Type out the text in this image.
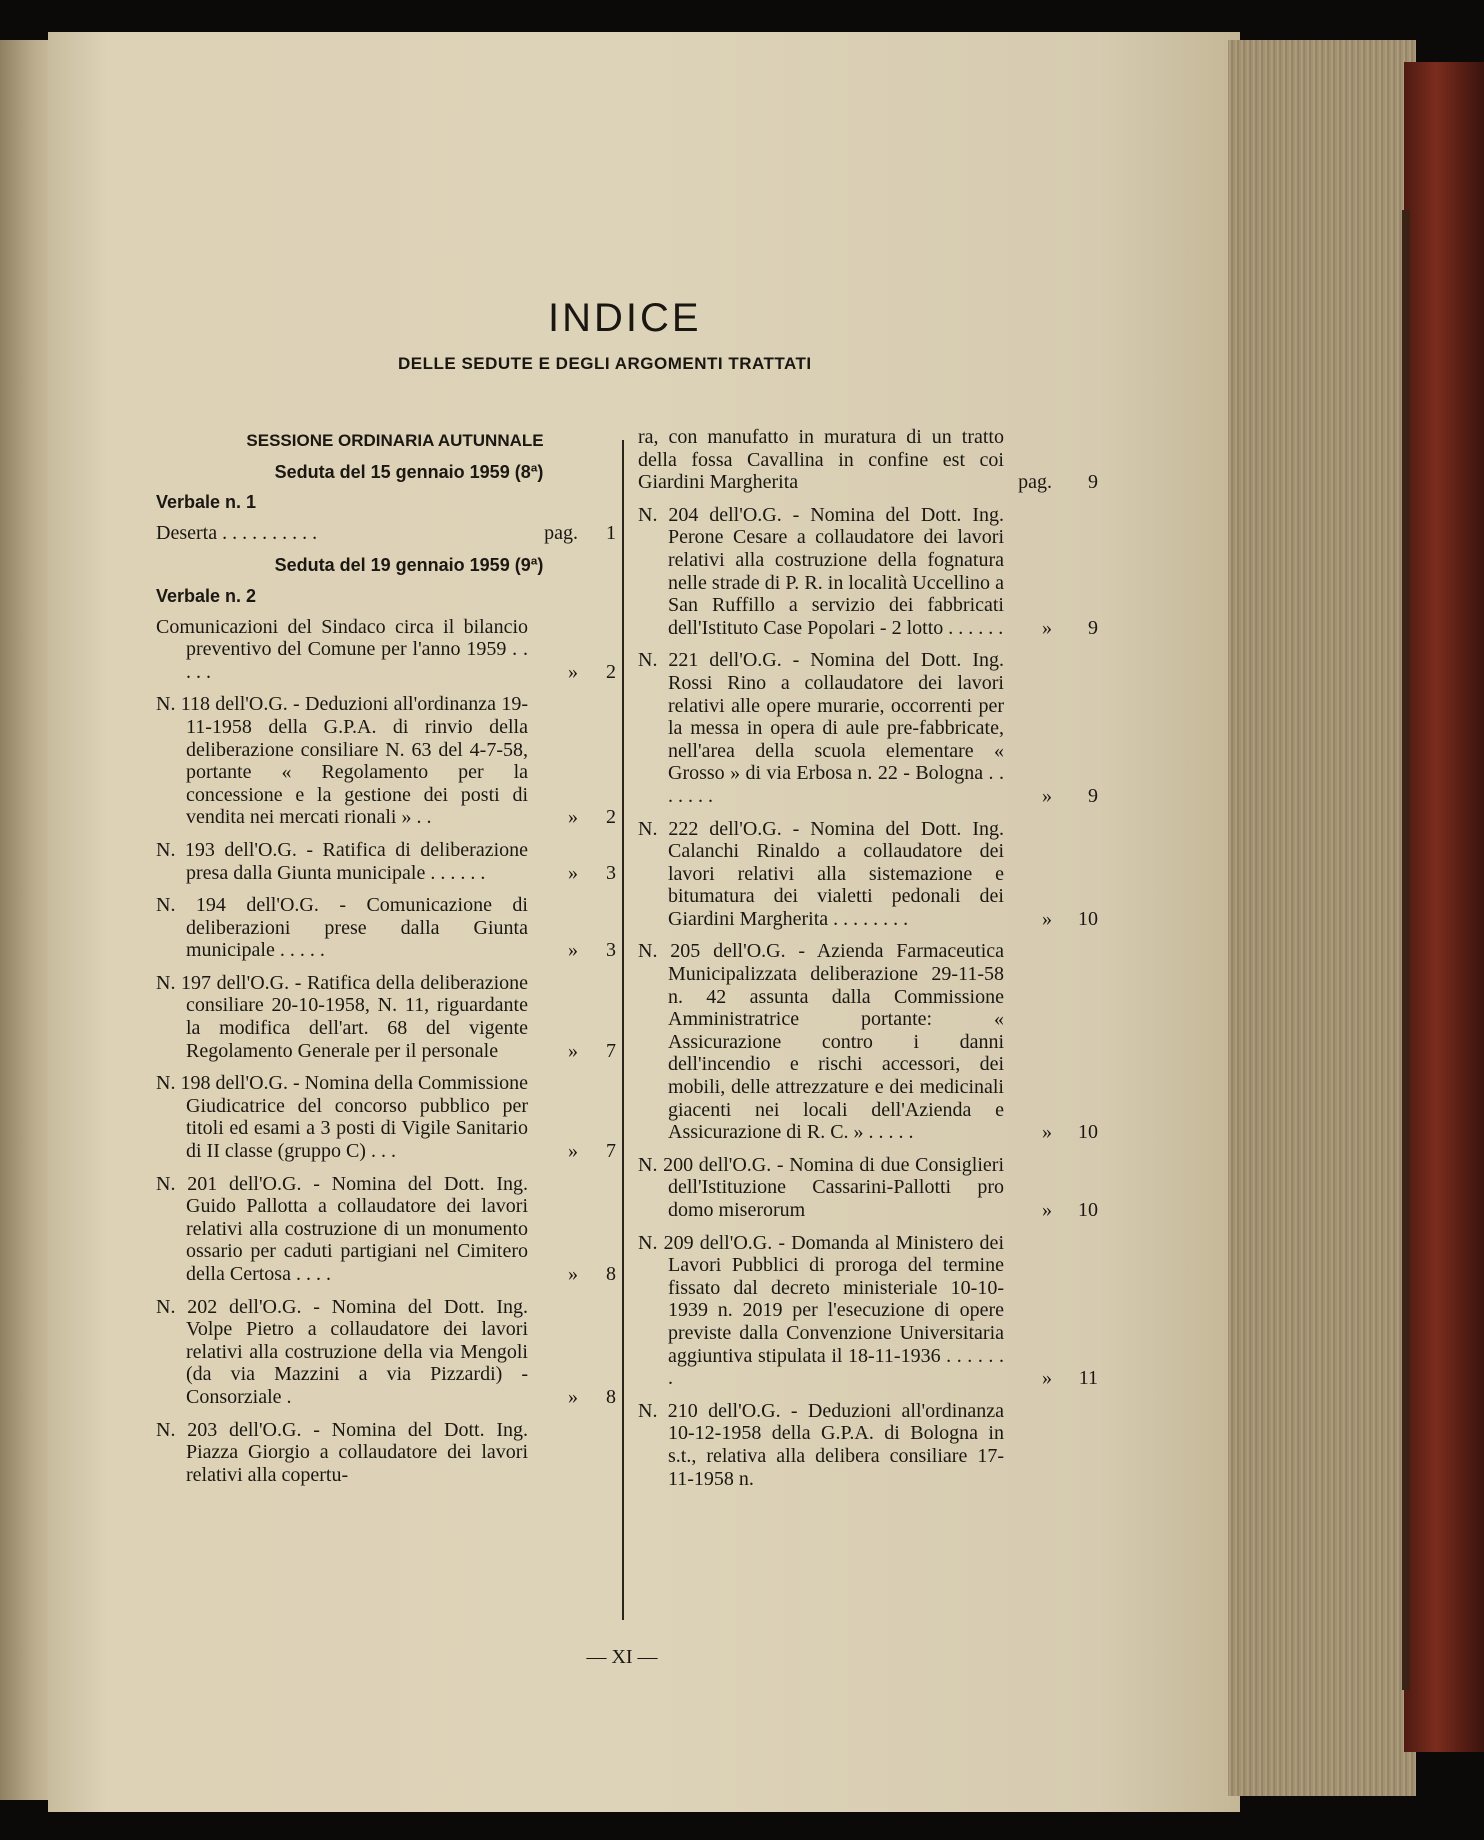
INDICE
DELLE SEDUTE E DEGLI ARGOMENTI TRATTATI
SESSIONE ORDINARIA AUTUNNALE
Seduta del 15 gennaio 1959 (8ª)
Verbale n. 1
Deserta . . . . . . . . . .	pag.	1
Seduta del 19 gennaio 1959 (9ª)
Verbale n. 2
Comunicazioni del Sindaco circa il bilancio preventivo del Comune per l'anno 1959 . . . . .	»	2
N. 118 dell'O.G. - Deduzioni all'ordinanza 19-11-1958 della G.P.A. di rinvio della deliberazione consiliare N. 63 del 4-7-58, portante « Regolamento per la concessione e la gestione dei posti di vendita nei mercati rionali » . .	»	2
N. 193 dell'O.G. - Ratifica di deliberazione presa dalla Giunta municipale . . . . . .	»	3
N. 194 dell'O.G. - Comunicazione di deliberazioni prese dalla Giunta municipale . . . . .	»	3
N. 197 dell'O.G. - Ratifica della deliberazione consiliare 20-10-1958, N. 11, riguardante la modifica dell'art. 68 del vigente Regolamento Generale per il personale	»	7
N. 198 dell'O.G. - Nomina della Commissione Giudicatrice del concorso pubblico per titoli ed esami a 3 posti di Vigile Sanitario di II classe (gruppo C) . . .	»	7
N. 201 dell'O.G. - Nomina del Dott. Ing. Guido Pallotta a collaudatore dei lavori relativi alla costruzione di un monumento ossario per caduti partigiani nel Cimitero della Certosa . . . .	»	8
N. 202 dell'O.G. - Nomina del Dott. Ing. Volpe Pietro a collaudatore dei lavori relativi alla costruzione della via Mengoli (da via Mazzini a via Pizzardi) - Consorziale .	»	8
N. 203 dell'O.G. - Nomina del Dott. Ing. Piazza Giorgio a collaudatore dei lavori relativi alla copertu-
ra, con manufatto in muratura di un tratto della fossa Cavallina in confine est coi Giardini Margherita	pag.	9
N. 204 dell'O.G. - Nomina del Dott. Ing. Perone Cesare a collaudatore dei lavori relativi alla costruzione della fognatura nelle strade di P. R. in località Uccellino a San Ruffillo a servizio dei fabbricati dell'Istituto Case Popolari - 2 lotto . . . . . . »	9
N. 221 dell'O.G. - Nomina del Dott. Ing. Rossi Rino a collaudatore dei lavori relativi alle opere murarie, occorrenti per la messa in opera di aule pre-fabbricate, nell'area della scuola elementare « Grosso » di via Erbosa n. 22 - Bologna . . . . . . .	»	9
N. 222 dell'O.G. - Nomina del Dott. Ing. Calanchi Rinaldo a collaudatore dei lavori relativi alla sistemazione e bitumatura dei vialetti pedonali dei Giardini Margherita . . . . . . . .	» 10
N. 205 dell'O.G. - Azienda Farmaceutica Municipalizzata deliberazione 29-11-58 n. 42 assunta dalla Commissione Amministratrice portante: « Assicurazione contro i danni dell'incendio e rischi accessori, dei mobili, delle attrezzature e dei medicinali giacenti nei locali dell'Azienda e Assicurazione di R. C. » . . . . .	» 10
N. 200 dell'O.G. - Nomina di due Consiglieri dell'Istituzione Cassarini-Pallotti pro domo miserorum	» 10
N. 209 dell'O.G. - Domanda al Ministero dei Lavori Pubblici di proroga del termine fissato dal decreto ministeriale 10-10-1939 n. 2019 per l'esecuzione di opere previste dalla Convenzione Universitaria aggiuntiva stipulata il 18-11-1936 . . . . . . .	» 11
N. 210 dell'O.G. - Deduzioni all'ordinanza 10-12-1958 della G.P.A. di Bologna in s.t., relativa alla delibera consiliare 17-11-1958 n.
— XI —
